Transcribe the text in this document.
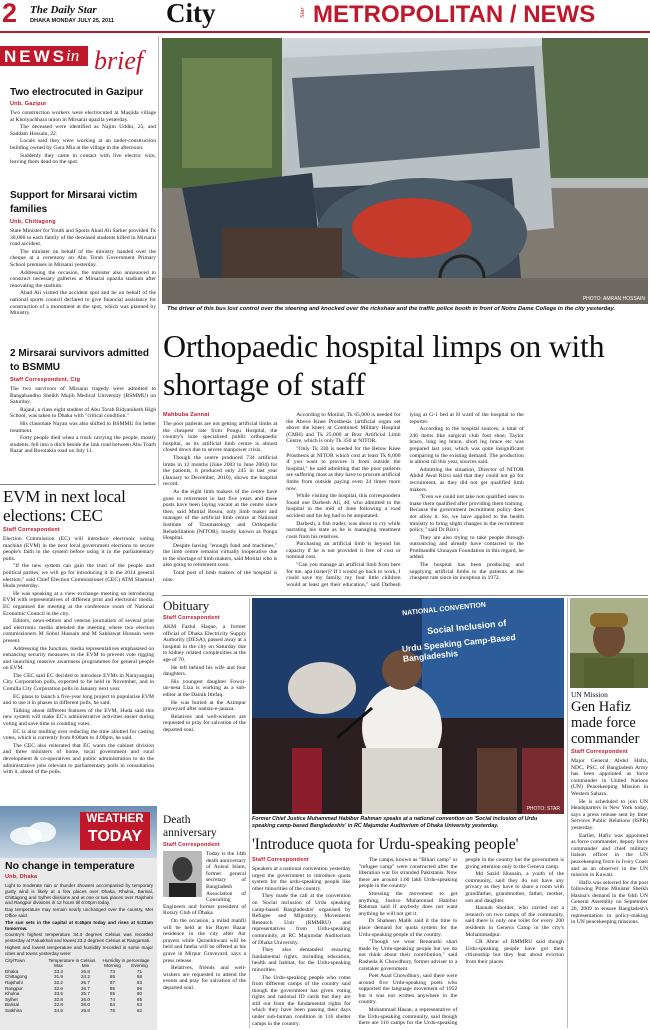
2 The Daily Star
DHAKA MONDAY JULY 25, 2011 City	Star METROPOLITAN / NEWS
NEWS in brief
Two electrocuted in Gazipur
Unb, Gazipur
Two construction workers were electrocuted at Masjida village at Khoiyachhara union in Mirsarai upazila yesterday.
The deceased were identified as Najim Uddin, 25, and Saddam Hossain, 22.
Locals said they were working at an under-construction building owned by Gura Mia at the village in the afternoon.
Suddenly they came in contact with live electric wire, leaving them dead on the spot.
Support for Mirsarai victim families
Unb, Chittagong
State Minister for Youth and Sports Ahad Ali Sarker provided Tk 30,000 to each family of the deceased students killed in Mirsarai road accident.
The minister on behalf of the ministry handed over the cheque at a ceremony on Abu Torab Government Primary School premises in Mirsarai yesterday.
Addressing the occasion, the minister also announced to construct necessary galleries at Mirsarai upazila stadium after renovating the stadium.
Ahad Ali visited the accident spot and he on behalf of the national sports council declared to give financial assistance for construction of a monument at the spot, which was planned by Ministry.
2 Mirsarai survivors admitted to BSMMU
Staff Correspondent, Ctg
The two survivors of Mirsarai tragedy were admitted to Bangabandhu Sheikh Mujib Medical University (BSMMU) on Saturday.
Rajaul, a class eight student of Abu Torab Bidyaniketh High School, was taken to Dhaka with "critical condition."
His classmate Nayan was also shifted to BSMMU for better treatment.
Forty people died when a truck carrying the people, mostly students, fell into a ditch beside the link road between Abu Toarb Bazar and Borotakia road on July 11.
EVM in next local elections: CEC
Staff Correspondent
Election Commission (EC) will introduce electronic voting machine (EVM) in the next local government elections to secure people's faith in the system before using it in the parliamentary polls.
"If the new system can gain the trust of the people and political parties, we will go for introducing it in the 2014 general election," said Chief Election Commissioner (CEC) ATM Shamsul Huda yesterday.
He was speaking at a view exchange meeting on introducing EVM with representatives of different print and electronic media. EC organised the meeting at the conference room of National Economic Council in the city.
Editors, news-editors and veteran journalists of several print and electronic media attended the meeting where two election commissioners M Sohul Hussain and M Sakhawat Hussain were present.
Addressing the function, media representatives emphasised on enhancing security measures in the EVM to prevent vote rigging and launching massive awareness programmes for general people on EVM.
The CEC said EC decided to introduce EVMs in Narayanganj City Corporation polls, expected to be held in November, and in Comilla City Corporation polls in January next year.
EC plans to launch a five-year long project to popularise EVM and to use it in phases in different polls, he said.
Talking about different features of the EVM, Huda said this new system will make EC's administrative activities easier during voting and save time in counting votes.
EC is also mulling over reducing the time allotted for casting votes, which is currently from 8:00am to 4:00pm, he said.
The CEC also reiterated that EC wants the cabinet division and three ministers of home, local government and rural development & co-operatives and public administration to do the administrative jobs relevant to parliamentary polls in consultation with it, ahead of the polls.
WEATHER
TODAY
No change in temperature
Unb, Dhaka
Light to moderate rain or thunder showers accompanied by temporary gusty wind is likely at a few places over Dhaka, Rhulna, Barisal, Chittagong and Sylhet divisions and at one or two places over Rajshahi and Rangpur divisions in 12 hours till 6:00pm today.
Day temperature may remain nearly unchanged over the country, Met Office said.
The sun sets in the capital at 6:45pm today and rises at 5:23am tomorrow.
Country's highest temperature 34.0 degrees Celsius was recorded yesterday at Patuakhali and lowest 23.2 degrees Celsius at Rangamati.
Highest and lowest temperature and humidity recorded in some major cities and towns yesterday were:
City/Town	Temperature in Celsius		Humidity in percentage	
	Max	Min	Morning	Evening
Dhaka	33.3	26.8	73	71
Chittagong	31.9	24.2	85	88
Rajshahi	32.2	25.7	87	83
Rangpur	32.6	26.7	85	96
Khulna	33.5	25.7	95	80
Sylhet	32.8	26.0	74	65
Barisal	32.8	26.0	84	63
Satkhira	34.5	25.8	76	62
PHOTO: AMRAN HOSSAIN
The driver of this bus lost control over the steering and knocked over the rickshaw and the traffic police booth in front of Notre Dame College in the city yesterday.
Orthopaedic hospital limps on with shortage of staff
Mahbuba Zannat
The poor patients are not getting artificial limbs at the cheapest rate from Pongu Hospital, the country's lone specialised public orthopaedic hospital, as its artificial limb centre is almost closed down due to severe manpower crisis.
Though the centre produced 734 artificial limbs in 12 months (June 2003 to June 2004) for the patients, it produced only 245 in last year (January to December, 2010), shows the hospital record.
As the eight limb makers of the centre have gone to retirement in last five years and these posts have been laying vacant at the centre since then, said Mutital Bosou, only limb maker and manager of the artificial limb centre at National Institute of Traumatology and Orthopedic Rehabilitation (NITOR), mostly known as Pongu Hospital.
Despite having "enough fund and machines," the limb centre remains virtually inoperative due to the shortage of limb makers, said Motilal who is also going to retirement soon.
Total post of limb makers of the hospital is nine.
According to Motilal, Tk 65,000 is needed for the Above Knee Prosthesis (artificial organ set above the knee) at Combined Military Hospital (CMH) and Tk 25,000 at Brac Artificial Limb Centre, which is only Tk 350 at NITOR.
"Only Tk 330 is needed for the Below Knee Prosthesis at NITOR which cost at least Tk 8,000 if you want to procure it from outside the hospital," he said admitting that the poor patients are suffering most as they have to procure artificial limbs from outside paying even 24 times more now.
While visiting the hospital, this correspondent found one Darbesh Ali, 40, who admitted to the hospital in the mid of June following a road accident and his leg had to be amputated.
Darbesh, a fish trader, was about to cry while narrating his state as he is managing treatment costs from his relatives.
Purchasing an artificial limb is beyond his capacity if he is not provided it free of cost or nominal cost.
"Can you manage an artificial limb from here for me, apa (sister)? If I would go back to work, I could save my family, my four little children would at least get their education," said Darbesh lying at G-1 bed at H ward of the hospital to the reporter.
According to the hospital sources, a total of 246 items like surgical club foot shoe, Taylor brace, long leg brace, short leg brace etc was prepared last year, which was quite insignificant comparing to the existing demand. The production is almost nil this year, sources said.
Admitting the situation, Director of NITOR Abdul Awal Rizvi said that they could not go for recruitment, as they did not get qualified limb makers.
"Even we could not take non qualified ones to make them qualified after providing them training. Because the government recruitment policy does not allow it. So, we have applied to the health ministry to bring slight changes in the recruitment policy," said Dr Rizvi.
They are also trying to take people through outsourcing and already have contacted to the Protibandhi Unnayan Foundation in this regard, he added.
The hospital has been producing and supplying artificial limbs to the patients at the cheapest rate since its inception in 1972.
Obituary
Staff Correspondent
AKM Fazlul Haque, a former official of Dhaka Electricity Supply Authority (DESA), passed away at a hospital in the city on Saturday due to kidney related complexities at the age of 70.
He left behind his wife and four daughters.
His youngest daughter Fowzi-un-nesa Liza is working as a sub-editor at the Dainik Ittefaq.
He was buried at the Azimpur graveyard after namaz-e-janaza.
Relatives and well-wishers are requested to pray for salvation of the departed soul.
Death anniversary
Staff Correspondent
Today is the 14th death anniversary of Anisul Islam, former general secretary of Bangladesh Association of Consulting Engineers and former president of Rotary Club of Dhaka.
On the occasion, a milad mahfil will be held at his Rayer Bazar residence in the city after Asr prayers while Qurankhwani will be held and fateha will be offered at his grave in Mirpur Graveyard, says a press release.
Relatives, friends and well-wishers are requested to attend the events and pray for salvation of the departed soul.
NATIONAL CONVENTION
Social Inclusion of
Urdu Speaking Camp-Based Bangladeshis
PHOTO: STAR
Former Chief Justice Muhammad Habibur Rahman speaks at a national convention on 'Social inclusion of Urdu speaking camp-based Bangladeshis' in RC Majumdar Auditorium of Dhaka University yesterday.
'Introduce quota for Urdu-speaking people'
Staff Correspondent
Speakers at a national convention yesterday urged the government to introduce quota system for the urdu-speaking people like other minorities of the country.
They made the call at the convention on 'Social inclusion of Urdu speaking camp-based Bangladeshis' organised by Refugee and Migratory Movements Research Unit (RMMRU) and representatives from Urdu-speaking community, at RC Majumdar Auditorium of Dhaka University.
They also demanded ensuring fundamental rights, including education, health and habitat, for the Urdu-speaking minorities.
The Urdu-speaking people who come from different camps of the country said though the government has given voting rights and national ID cards but they are still out from the fundamental rights for which they have been passing their days under sub-human condition in 116 shelter camps in the country.
The camps, known as "Bihari camp" or "refugee camp" were constructed after the liberation war for stranded Pakistanis. Now there are around 1.60 lakh Urdu-speaking people in the country.
Stressing the movement to get anything, Justice Muhammad Habibur Rahman said if anybody does not want anything he will not get it.
Dr Shaheen Malik said it the time to place demand for quota system for the Urdu-speaking people of the country.
"Though we wear Benarashi shari made by Urdu-speaking people but we do not think about their contribution," said Rasheda K Chowdhury, former adviser to a caretaker government.
Poet Asad Chowdhury, said there were around five Urdu-speaking poets who supported the language movement of 1952 but it was not written anywhere in the country.
Mohammad Hasan, a representative of the Urdu-speaking community, said though there are 116 camps for the Urdu-speaking people in the country but the government is giving attention only to the Geneva camp.
Md Sazid Hossain, a youth of the community, said they do not have any privacy as they have to share a room with grandfather, grandmother, father, mother, son and daughter.
Hannah Sholder, who carried out a research on two camps of the community, said there is only one toilet for every 200 residents in Geneva Camp in the city's Mohammadpur.
CR Abrar of RMMRU said though Urdu-speaking people have got their citizenship but they fear about eviction from their places.
UN Mission
Gen Hafiz made force commander
Staff Correspondent
Major General Abdul Hafiz, NDC, PSC, of Bangladesh Army has been appointed as force commander in United Nations (UN) Peacekeeping Mission in Western Sahara.
He is scheduled to join UN Headquarters in New York today, says a press release sent by Inter Services Public Relations (ISPR) yesterday.
Earlier, Hafiz was appointed as force commander, deputy force commander and chief military liaison officer in the UN peacekeeping force in Ivory Coast and as an observer in the UN mission in Kuwait.
Hafiz was selected for the post following Prime Minister Sheikh Hasina's demand in the 64th UN General Assembly on September 26, 2009 to ensure Bangladesh's representation in policy-making in UN peacekeeping missions.
